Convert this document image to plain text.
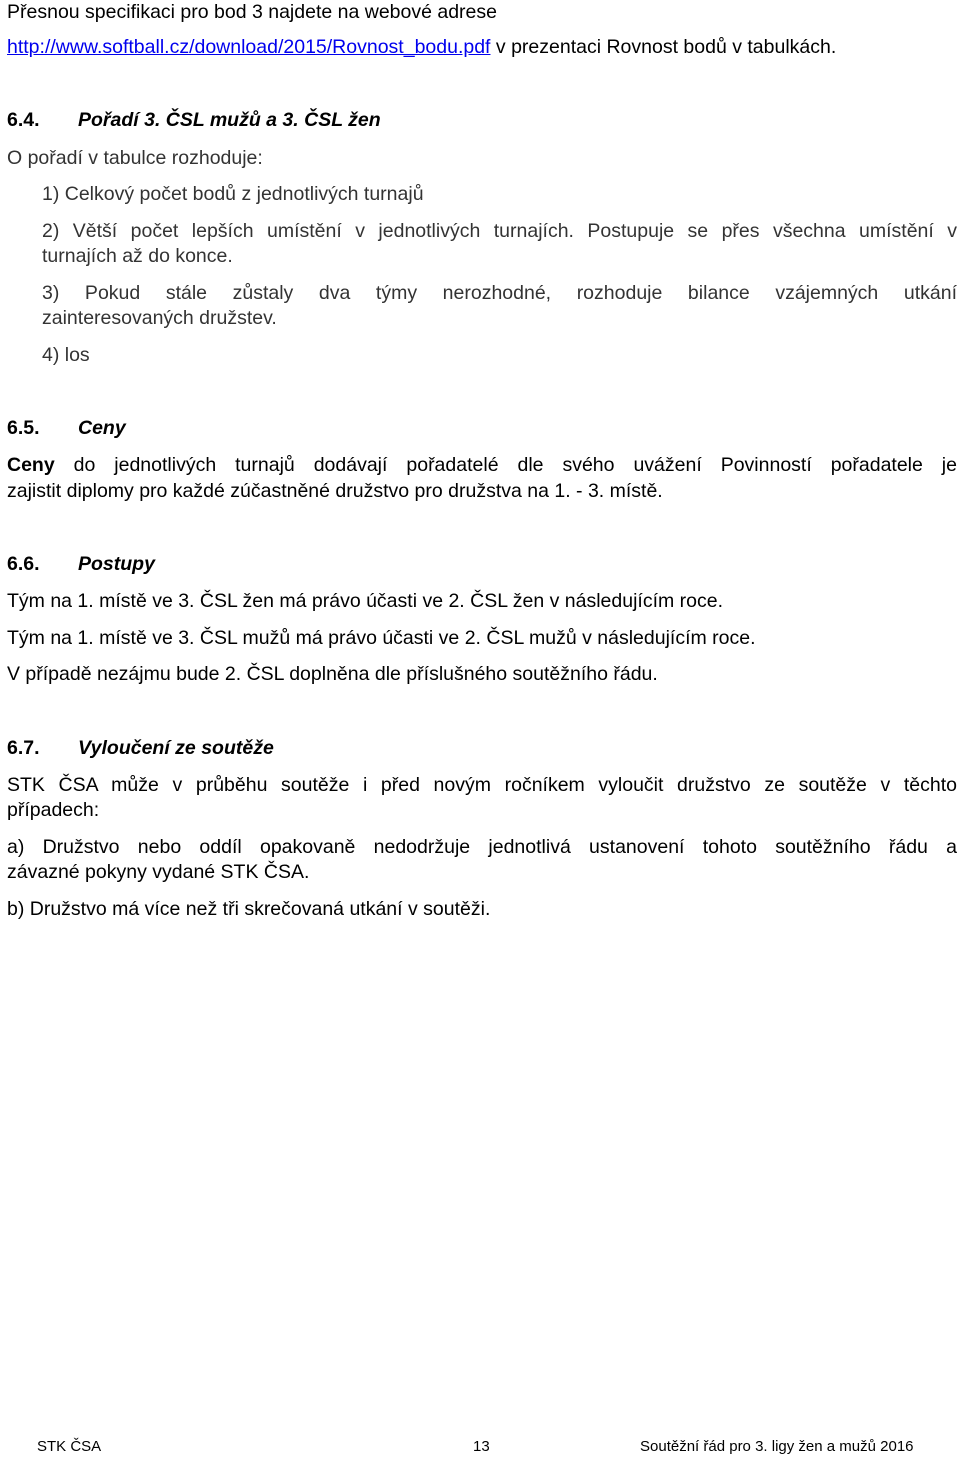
Přesnou specifikaci pro bod 3 najdete na webové adrese
http://www.softball.cz/download/2015/Rovnost_bodu.pdf v prezentaci Rovnost bodů v tabulkách.
6.4. Pořadí 3. ČSL mužů a 3. ČSL žen
O pořadí v tabulce rozhoduje:
1) Celkový počet bodů z jednotlivých turnajů
2) Větší počet lepších umístění v jednotlivých turnajích. Postupuje se přes všechna umístění v
turnajích až do konce.
3) Pokud stále zůstaly dva týmy nerozhodné, rozhoduje bilance vzájemných utkání
zainteresovaných družstev.
4) los
6.5. Ceny
Ceny do jednotlivých turnajů dodávají pořadatelé dle svého uvážení Povinností pořadatele je
zajistit diplomy pro každé zúčastněné družstvo pro družstva na 1. - 3. místě.
6.6. Postupy
Tým na 1. místě ve 3. ČSL žen má právo účasti ve 2. ČSL žen v následujícím roce.
Tým na 1. místě ve 3. ČSL mužů má právo účasti ve 2. ČSL mužů v následujícím roce.
V případě nezájmu bude 2. ČSL doplněna dle příslušného soutěžního řádu.
6.7. Vyloučení ze soutěže
STK ČSA může v průběhu soutěže i před novým ročníkem vyloučit družstvo ze soutěže v těchto
případech:
a) Družstvo nebo oddíl opakovaně nedodržuje jednotlivá ustanovení tohoto soutěžního řádu a
závazné pokyny vydané STK ČSA.
b) Družstvo má více než tři skrečovaná utkání v soutěži.
STK ČSA	13	Soutěžní řád pro 3. ligy žen a mužů 2016
